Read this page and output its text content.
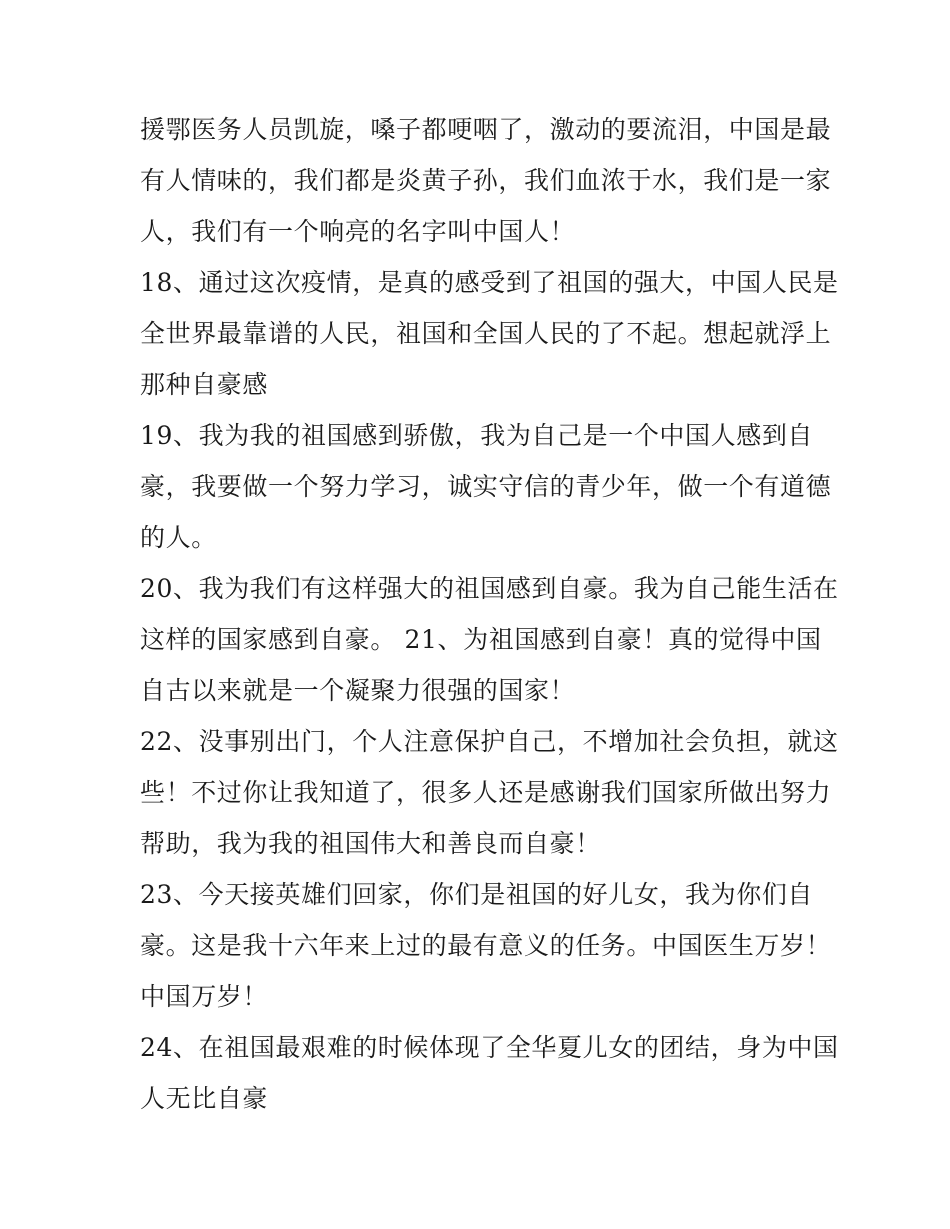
援鄂医务人员凯旋，嗓子都哽咽了，激动的要流泪，中国是最
有人情味的，我们都是炎黄子孙，我们血浓于水，我们是一家
人，我们有一个响亮的名字叫中国人！
18、通过这次疫情，是真的感受到了祖国的强大，中国人民是
全世界最靠谱的人民，祖国和全国人民的了不起。想起就浮上
那种自豪感
19、我为我的祖国感到骄傲，我为自己是一个中国人感到自
豪，我要做一个努力学习，诚实守信的青少年，做一个有道德
的人。
20、我为我们有这样强大的祖国感到自豪。我为自己能生活在
这样的国家感到自豪。 21、为祖国感到自豪！真的觉得中国
自古以来就是一个凝聚力很强的国家！
22、没事别出门，个人注意保护自己，不增加社会负担，就这
些！不过你让我知道了，很多人还是感谢我们国家所做出努力
帮助，我为我的祖国伟大和善良而自豪！
23、今天接英雄们回家，你们是祖国的好儿女，我为你们自
豪。这是我十六年来上过的最有意义的任务。中国医生万岁！
中国万岁！
24、在祖国最艰难的时候体现了全华夏儿女的团结，身为中国
人无比自豪
